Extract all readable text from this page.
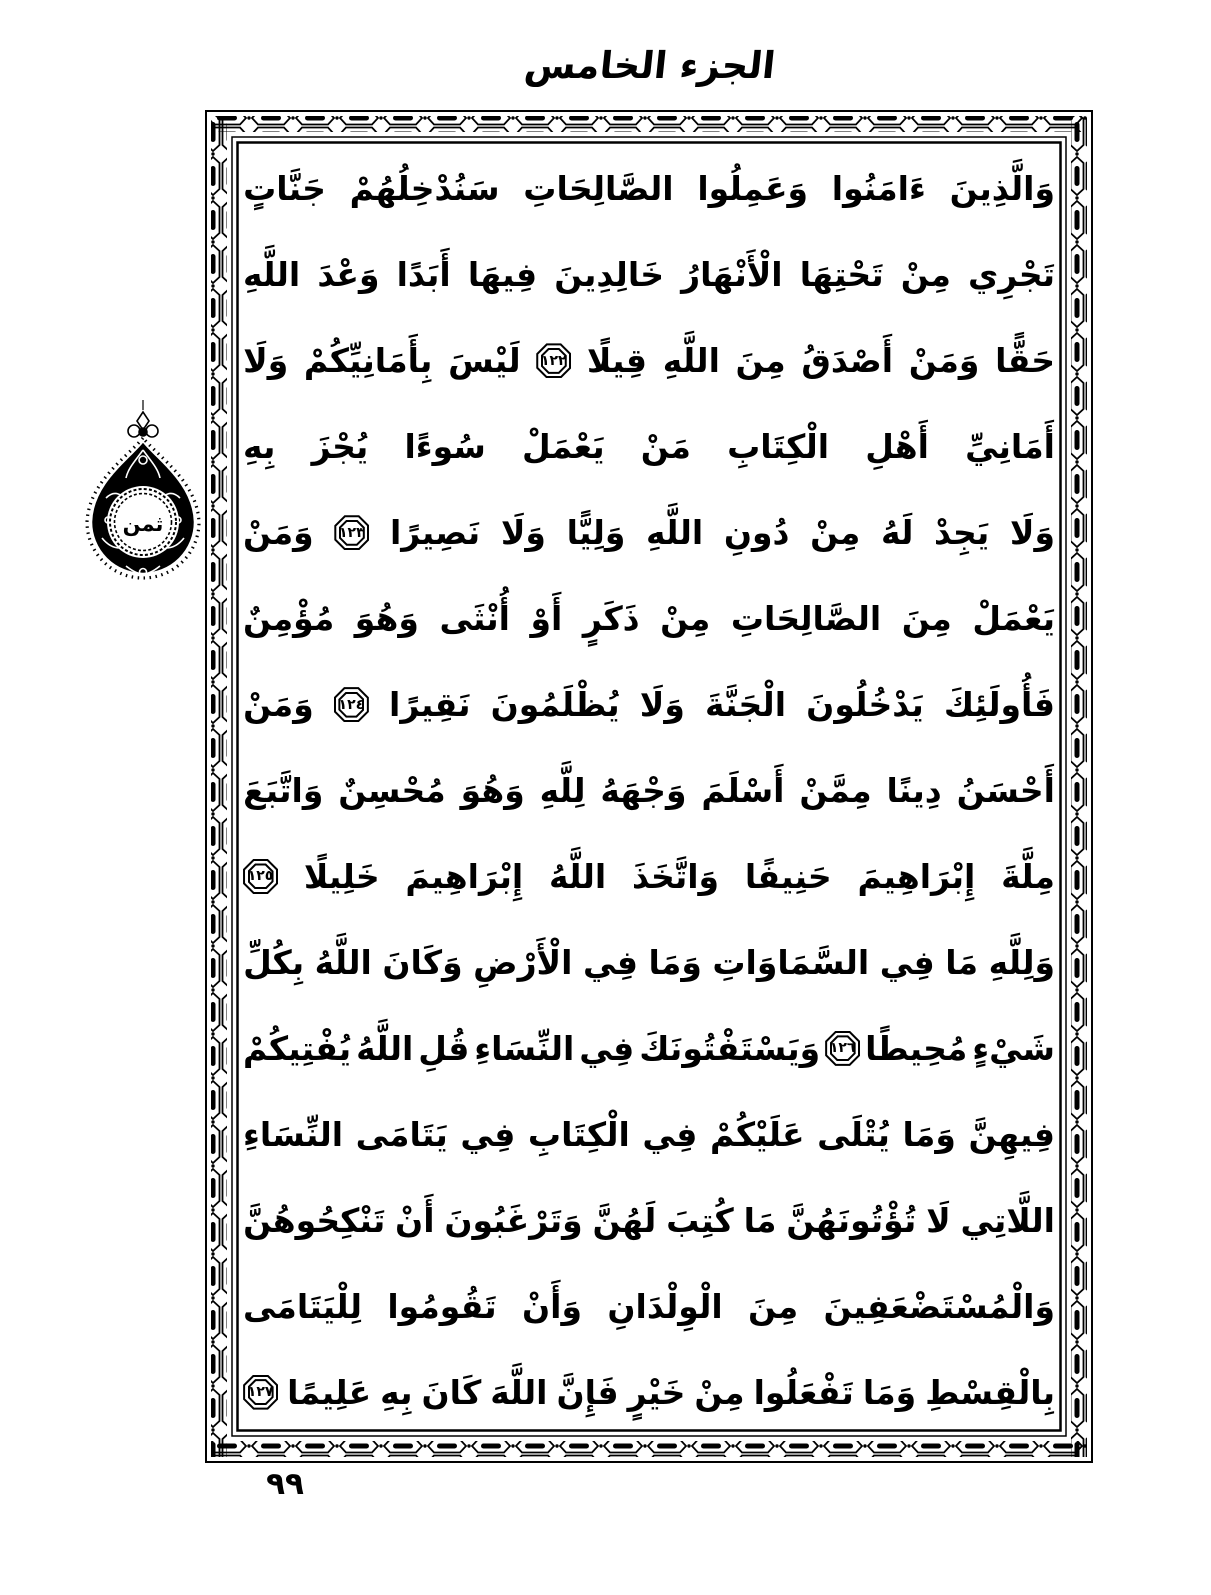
الجزء الخامس
وَالَّذِينَ
ءَامَنُوا
وَعَمِلُوا
الصَّالِحَاتِ
سَنُدْخِلُهُمْ
جَنَّاتٍ
تَجْرِي
مِنْ
تَحْتِهَا
الْأَنْهَارُ
خَالِدِينَ
فِيهَا
أَبَدًا
وَعْدَ
اللَّهِ
حَقًّا
وَمَنْ
أَصْدَقُ
مِنَ
اللَّهِ
قِيلًا
١٢٢
لَيْسَ
بِأَمَانِيِّكُمْ
وَلَا
أَمَانِيِّ
أَهْلِ
الْكِتَابِ
مَنْ
يَعْمَلْ
سُوءًا
يُجْزَ
بِهِ
وَلَا
يَجِدْ
لَهُ
مِنْ
دُونِ
اللَّهِ
وَلِيًّا
وَلَا
نَصِيرًا
١٢٣
وَمَنْ
يَعْمَلْ
مِنَ
الصَّالِحَاتِ
مِنْ
ذَكَرٍ
أَوْ
أُنْثَى
وَهُوَ
مُؤْمِنٌ
فَأُولَئِكَ
يَدْخُلُونَ
الْجَنَّةَ
وَلَا
يُظْلَمُونَ
نَقِيرًا
١٢٤
وَمَنْ
أَحْسَنُ
دِينًا
مِمَّنْ
أَسْلَمَ
وَجْهَهُ
لِلَّهِ
وَهُوَ
مُحْسِنٌ
وَاتَّبَعَ
مِلَّةَ
إِبْرَاهِيمَ
حَنِيفًا
وَاتَّخَذَ
اللَّهُ
إِبْرَاهِيمَ
خَلِيلًا
١٢٥
وَلِلَّهِ
مَا
فِي
السَّمَاوَاتِ
وَمَا
فِي
الْأَرْضِ
وَكَانَ
اللَّهُ
بِكُلِّ
شَيْءٍ
مُحِيطًا
١٢٦
وَيَسْتَفْتُونَكَ
فِي
النِّسَاءِ
قُلِ
اللَّهُ
يُفْتِيكُمْ
فِيهِنَّ
وَمَا
يُتْلَى
عَلَيْكُمْ
فِي
الْكِتَابِ
فِي
يَتَامَى
النِّسَاءِ
اللَّاتِي
لَا
تُؤْتُونَهُنَّ
مَا
كُتِبَ
لَهُنَّ
وَتَرْغَبُونَ
أَنْ
تَنْكِحُوهُنَّ
وَالْمُسْتَضْعَفِينَ
مِنَ
الْوِلْدَانِ
وَأَنْ
تَقُومُوا
لِلْيَتَامَى
بِالْقِسْطِ
وَمَا
تَفْعَلُوا
مِنْ
خَيْرٍ
فَإِنَّ
اللَّهَ
كَانَ
بِهِ
عَلِيمًا
١٢٧
ثمن
٩٩
